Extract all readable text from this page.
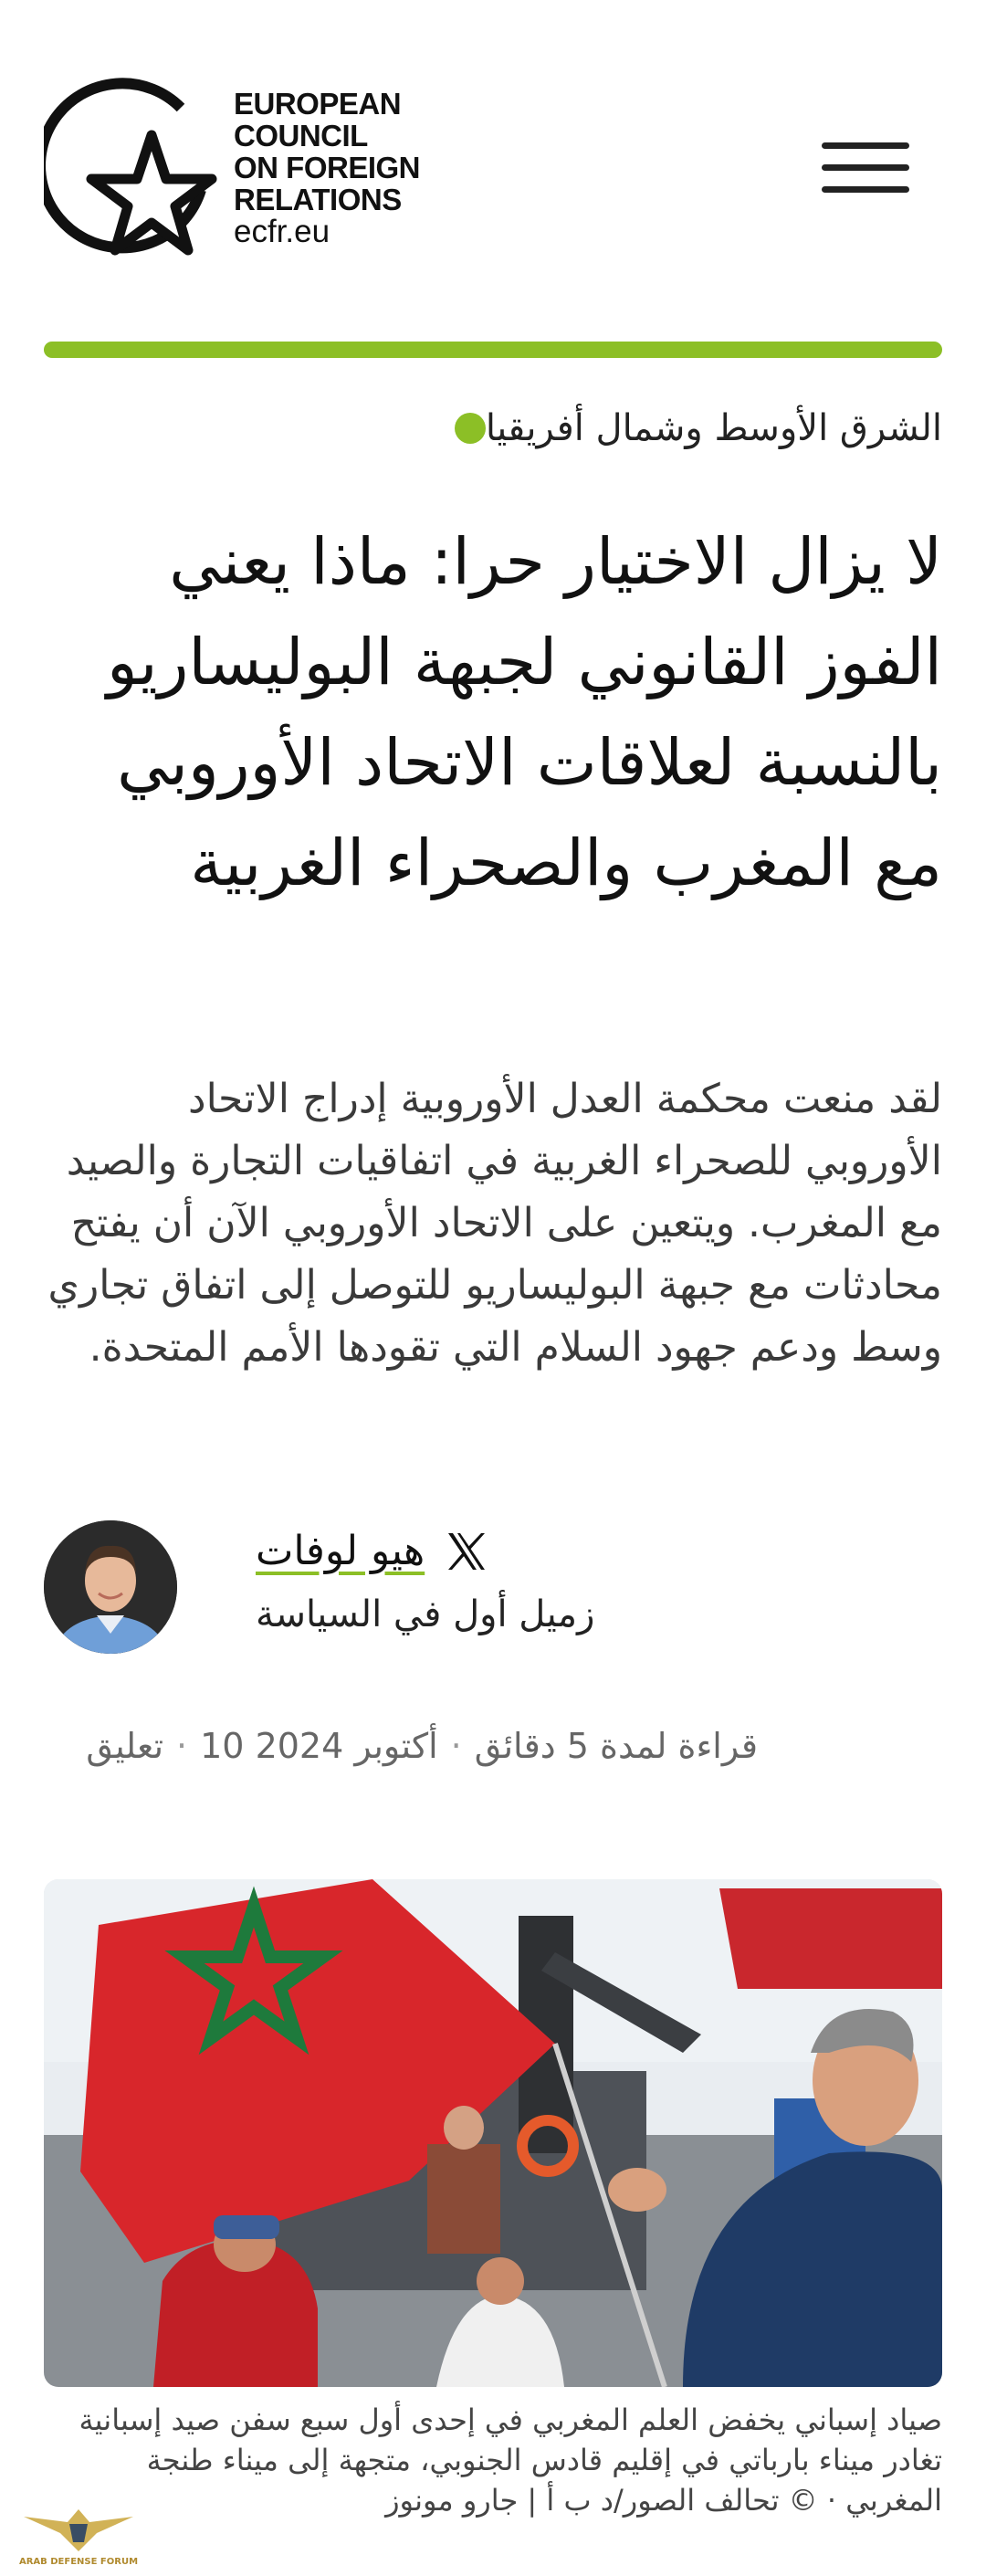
EUROPEAN
COUNCIL
ON FOREIGN
RELATIONS
ecfr.eu
الشرق الأوسط وشمال أفريقيا
لا يزال الاختيار حرا: ماذا يعني الفوز القانوني لجبهة البوليساريو بالنسبة لعلاقات الاتحاد الأوروبي مع المغرب والصحراء الغربية

لقد منعت محكمة العدل الأوروبية إدراج الاتحاد الأوروبي للصحراء الغربية في اتفاقيات التجارة والصيد مع المغرب. ويتعين على الاتحاد الأوروبي الآن أن يفتح محادثات مع جبهة البوليساريو للتوصل إلى اتفاق تجاري وسط ودعم جهود السلام التي تقودها الأمم المتحدة.

هيو لوفات
زميل أول في السياسة
قراءة لمدة 5 دقائق·أكتوبر 2024 10·تعليق

صياد إسباني يخفض العلم المغربي في إحدى أول سبع سفن صيد إسبانية تغادر ميناء بارباتي في إقليم قادس الجنوبي، متجهة إلى ميناء طنجة المغربي · © تحالف الصور/د ب أ | جارو مونوز

ARAB DEFENSE FORUM
